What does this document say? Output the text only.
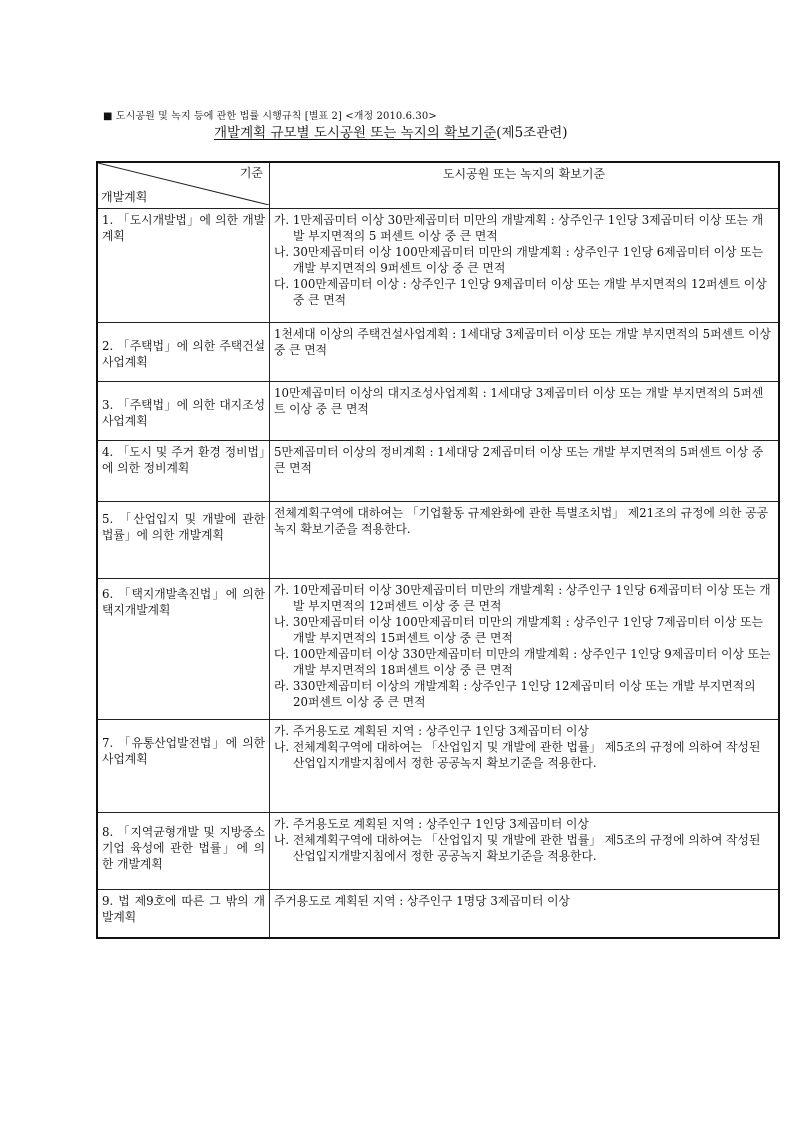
■ 도시공원 및 녹지 등에 관한 법률 시행규칙 [별표 2] <개정 2010.6.30>
개발계획 규모별 도시공원 또는 녹지의 확보기준(제5조관련)
기준
개발계획	도시공원 또는 녹지의 확보기준

1. 「도시개발법」에 의한 개발계획	가. 1만제곱미터 이상 30만제곱미터 미만의 개발계획 : 상주인구 1인당 3제곱미터 이상 또는 개발 부지면적의 5 퍼센트 이상 중 큰 면적

나. 30만제곱미터 이상 100만제곱미터 미만의 개발계획 : 상주인구 1인당 6제곱미터 이상 또는 개발 부지면적의 9퍼센트 이상 중 큰 면적

다. 100만제곱미터 이상 : 상주인구 1인당 9제곱미터 이상 또는 개발 부지면적의 12퍼센트 이상 중 큰 면적

2. 「주택법」에 의한 주택건설사업계획	1천세대 이상의 주택건설사업계획 : 1세대당 3제곱미터 이상 또는 개발 부지면적의 5퍼센트 이상 중 큰 면적

3. 「주택법」에 의한 대지조성사업계획	10만제곱미터 이상의 대지조성사업계획 : 1세대당 3제곱미터 이상 또는 개발 부지면적의 5퍼센트 이상 중 큰 면적

4. 「도시 및 주거 환경 정비법」에 의한 정비계획	5만제곱미터 이상의 정비계획 : 1세대당 2제곱미터 이상 또는 개발 부지면적의 5퍼센트 이상 중 큰 면적

5. 「산업입지 및 개발에 관한 법률」에 의한 개발계획	전체계획구역에 대하여는 「기업활동 규제완화에 관한 특별조치법」 제21조의 규정에 의한 공공녹지 확보기준을 적용한다.

6. 「택지개발촉진법」에 의한 택지개발계획	가. 10만제곱미터 이상 30만제곱미터 미만의 개발계획 : 상주인구 1인당 6제곱미터 이상 또는 개발 부지면적의 12퍼센트 이상 중 큰 면적

나. 30만제곱미터 이상 100만제곱미터 미만의 개발계획 : 상주인구 1인당 7제곱미터 이상 또는 개발 부지면적의 15퍼센트 이상 중 큰 면적

다. 100만제곱미터 이상 330만제곱미터 미만의 개발계획 : 상주인구 1인당 9제곱미터 이상 또는 개발 부지면적의 18퍼센트 이상 중 큰 면적

라. 330만제곱미터 이상의 개발계획 : 상주인구 1인당 12제곱미터 이상 또는 개발 부지면적의 20퍼센트 이상 중 큰 면적

7. 「유통산업발전법」에 의한 사업계획	가. 주거용도로 계획된 지역 : 상주인구 1인당 3제곱미터 이상

나. 전체계획구역에 대하여는 「산업입지 및 개발에 관한 법률」 제5조의 규정에 의하여 작성된 산업입지개발지침에서 정한 공공녹지 확보기준을 적용한다.

8. 「지역균형개발 및 지방중소기업 육성에 관한 법률」에 의한 개발계획	가. 주거용도로 계획된 지역 : 상주인구 1인당 3제곱미터 이상

나. 전체계획구역에 대하여는 「산업입지 및 개발에 관한 법률」 제5조의 규정에 의하여 작성된 산업입지개발지침에서 정한 공공녹지 확보기준을 적용한다.

9. 법 제9호에 따른 그 밖의 개발계획	주거용도로 계획된 지역 : 상주인구 1명당 3제곱미터 이상
